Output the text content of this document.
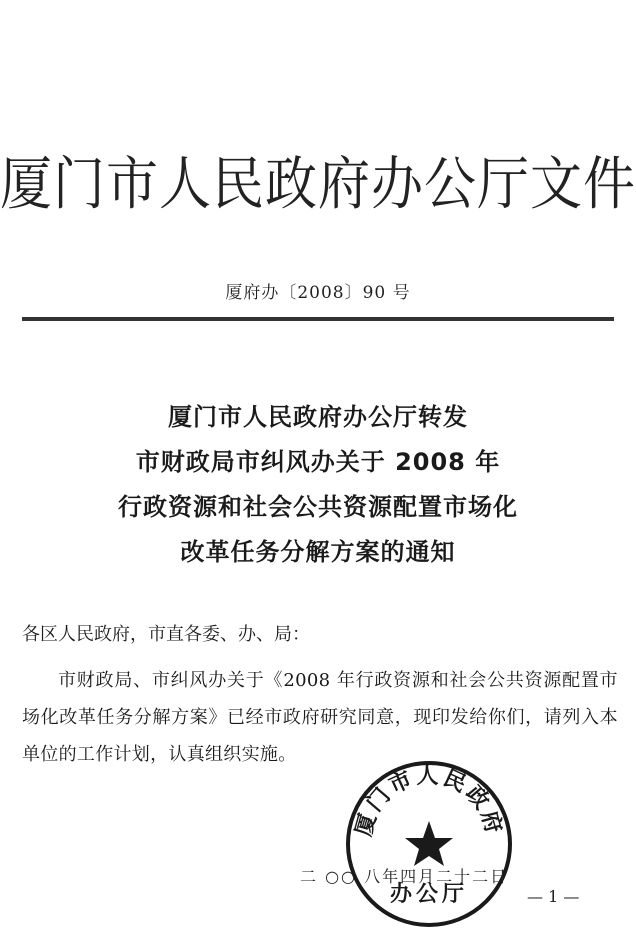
厦门市人民政府办公厅文件
厦府办〔2008〕90 号
厦门市人民政府办公厅转发
市财政局市纠风办关于 2008 年
行政资源和社会公共资源配置市场化
改革任务分解方案的通知
各区人民政府，市直各委、办、局：
市财政局、市纠风办关于《2008 年行政资源和社会公共资源配置市场化改革任务分解方案》已经市政府研究同意，现印发给你们，请列入本单位的工作计划，认真组织实施。
厦门市人民政府
办公厅
二 ○○ 八年四月二十二日
— 1 —
